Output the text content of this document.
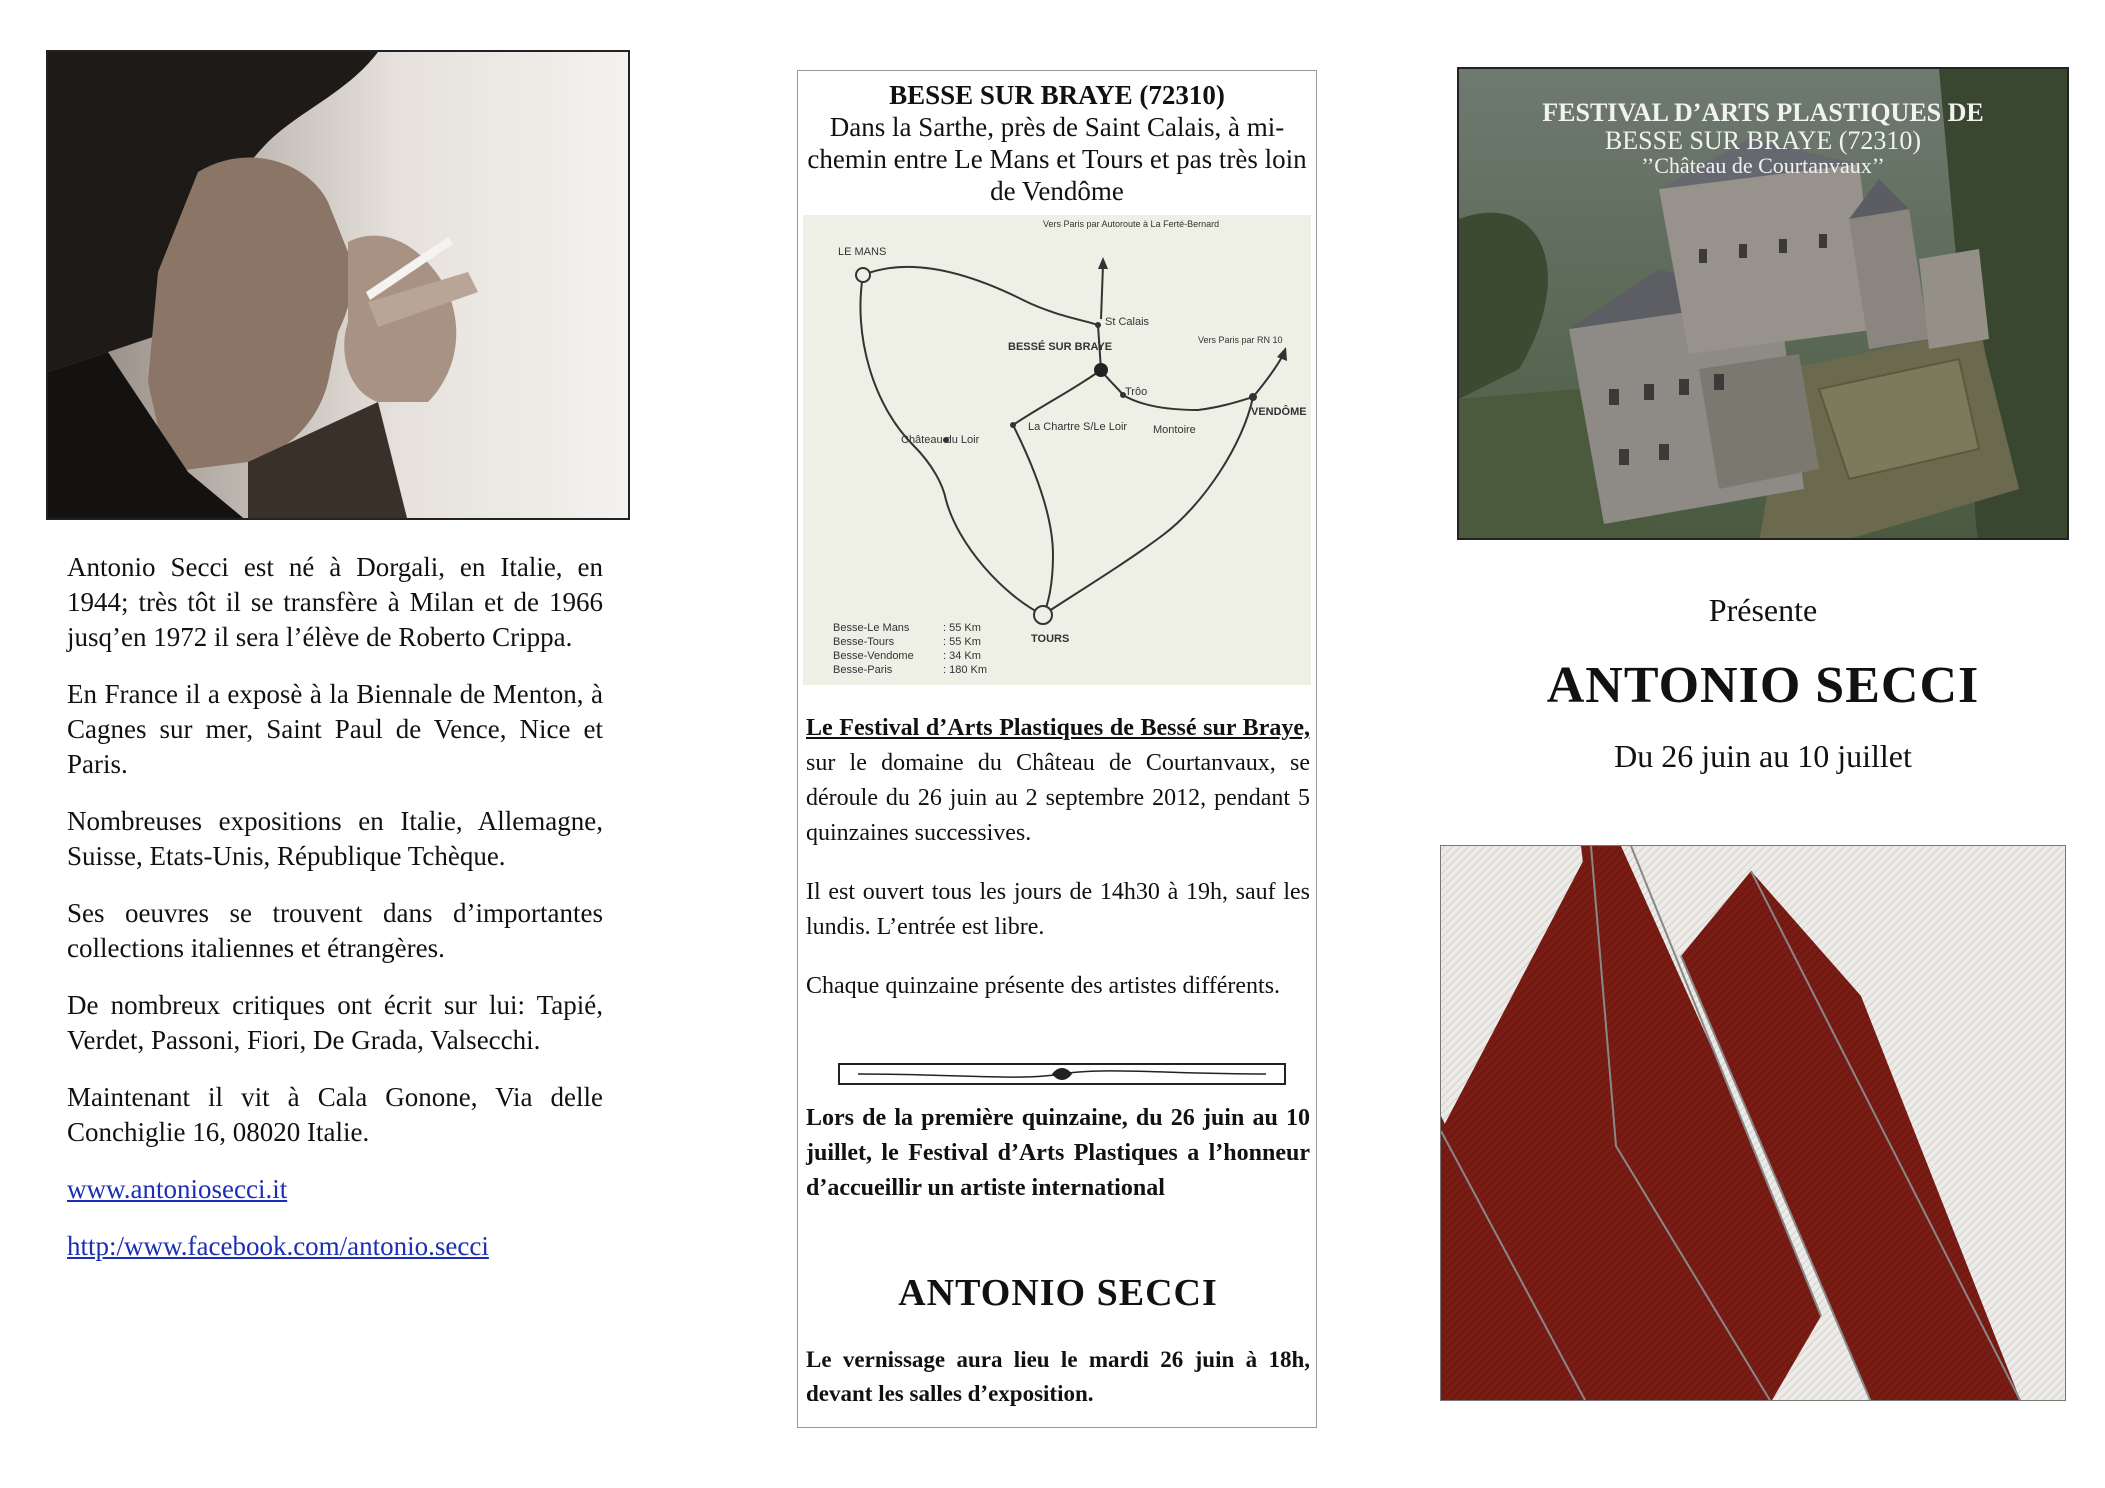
Antonio Secci est né à Dorgali, en Italie, en 1944; très tôt il se transfère à Milan et de 1966 jusq’en 1972 il sera l’élève de Roberto Crippa.

En France il a exposè à la Biennale de Menton, à Cagnes sur mer, Saint Paul de Vence, Nice et Paris.

Nombreuses expositions en Italie, Allemagne, Suisse, Etats-Unis, République Tchèque.

Ses oeuvres se trouvent dans d’importantes collections italiennes et étrangères.

De nombreux critiques ont écrit sur lui: Tapié, Verdet, Passoni, Fiori, De Grada, Valsecchi.

Maintenant il vit à Cala Gonone, Via delle Conchiglie 16, 08020 Italie.

www.antoniosecci.it

http:/www.facebook.com/antonio.secci

BESSE SUR BRAYE (72310)
Dans la Sarthe, près de Saint Calais, à mi-chemin entre Le Mans et Tours et pas très loin de Vendôme
LE MANS
St Calais
BESSÉ SUR BRAYE
Trôo
Montoire
VENDÔME
La Chartre S/Le Loir
Château du Loir
TOURS
Vers Paris par Autoroute à La Ferté-Bernard
Vers Paris par RN 10
Besse-Le Mans	: 55 Km
Besse-Tours	: 55 Km
Besse-Vendome	: 34 Km
Besse-Paris	: 180 Km

Le Festival d’Arts Plastiques de Bessé sur Braye, sur le domaine du Château de Courtanvaux, se déroule du 26 juin au 2 septembre 2012, pendant 5 quinzaines successives.

Il est ouvert tous les jours de 14h30 à 19h, sauf les lundis. L’entrée est libre.

Chaque quinzaine présente des artistes différents.

Lors de la première quinzaine, du 26 juin au 10 juillet, le Festival d’Arts Plastiques a l’honneur d’accueillir un artiste international
ANTONIO SECCI
Le vernissage aura lieu le mardi 26 juin à 18h, devant les salles d’exposition.
FESTIVAL D’ARTS PLASTIQUES DE
BESSE SUR BRAYE (72310)
’’Château de Courtanvaux’’
Présente
ANTONIO SECCI
Du 26 juin au 10 juillet
